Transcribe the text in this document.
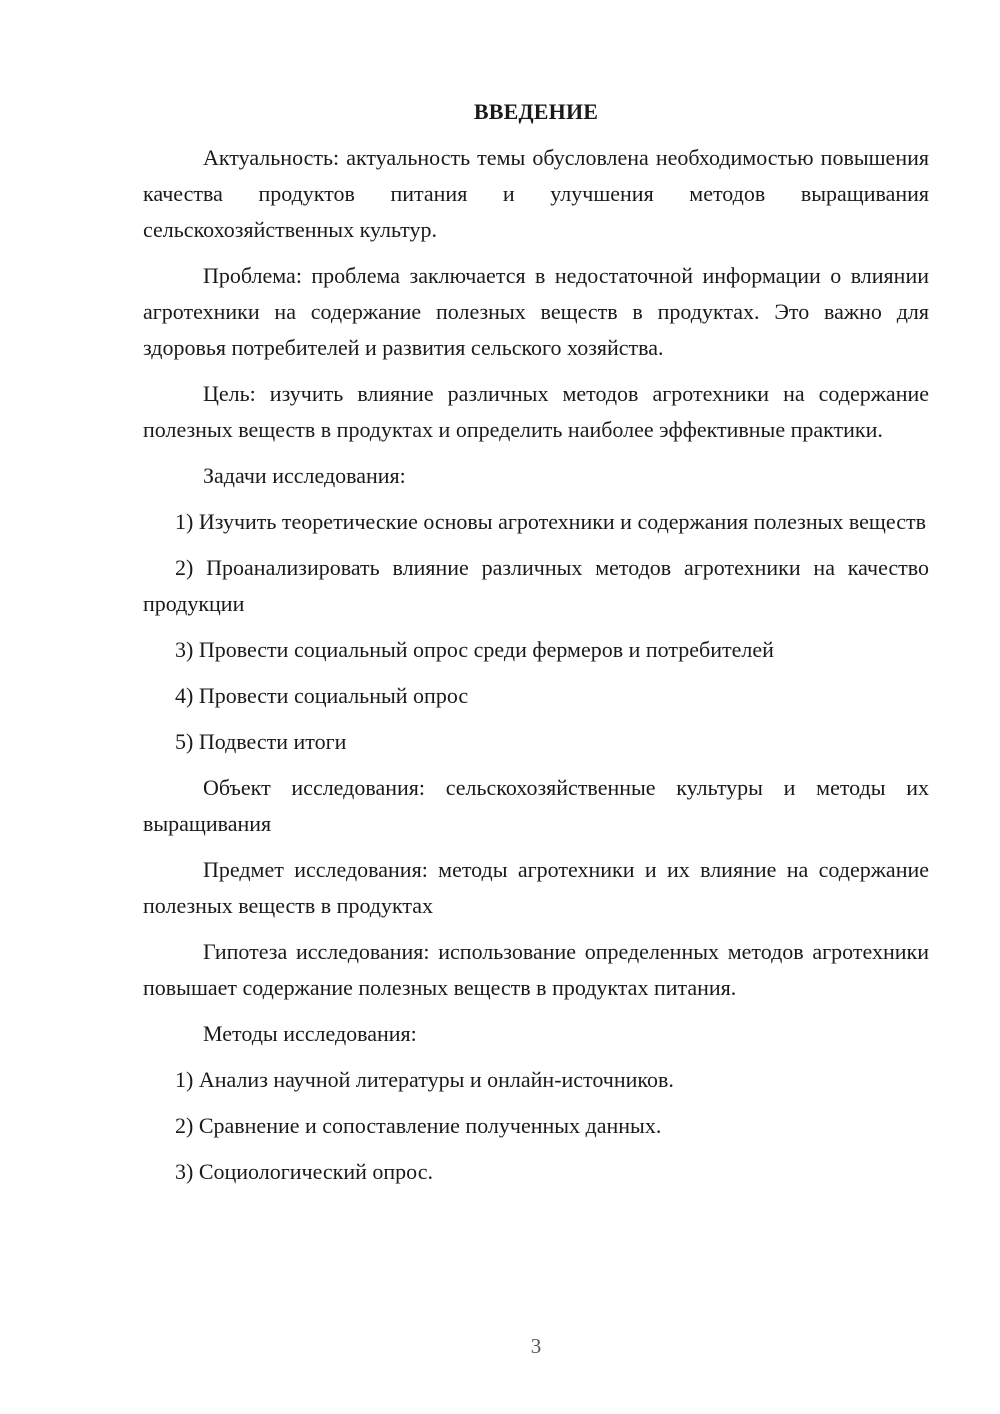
ВВЕДЕНИЕ

Актуальность: актуальность темы обусловлена необходимостью повышения качества продуктов питания и улучшения методов выращивания сельскохозяйственных культур.

Проблема: проблема заключается в недостаточной информации о влиянии агротехники на содержание полезных веществ в продуктах. Это важно для здоровья потребителей и развития сельского хозяйства.

Цель: изучить влияние различных методов агротехники на содержание полезных веществ в продуктах и определить наиболее эффективные практики.

Задачи исследования:

1) Изучить теоретические основы агротехники и содержания полезных веществ

2) Проанализировать влияние различных методов агротехники на качество продукции

3) Провести социальный опрос среди фермеров и потребителей

4) Провести социальный опрос

5) Подвести итоги

Объект исследования: сельскохозяйственные культуры и методы их выращивания

Предмет исследования: методы агротехники и их влияние на содержание полезных веществ в продуктах

Гипотеза исследования: использование определенных методов агротехники повышает содержание полезных веществ в продуктах питания.

Методы исследования:

1) Анализ научной литературы и онлайн-источников.

2) Сравнение и сопоставление полученных данных.

3) Социологический опрос.

3
